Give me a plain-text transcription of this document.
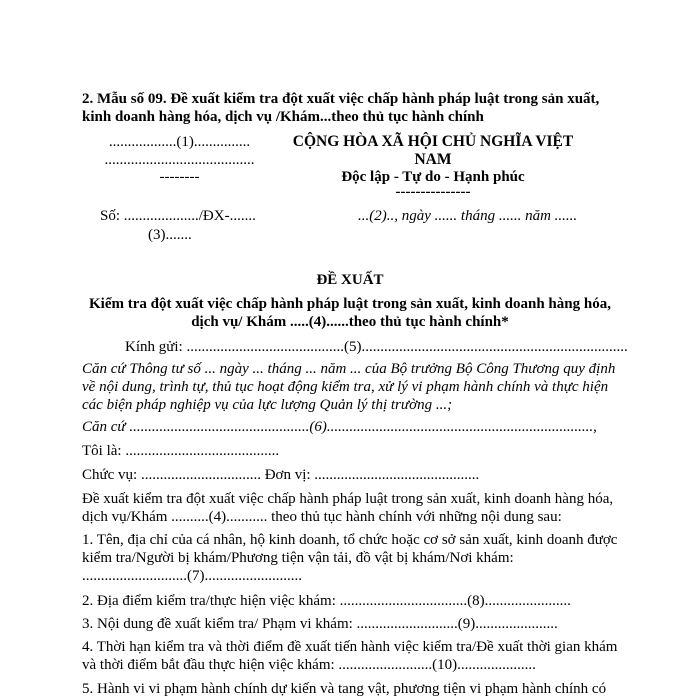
2. Mẫu số 09. Đề xuất kiểm tra đột xuất việc chấp hành pháp luật trong sản xuất,
kinh doanh hàng hóa, dịch vụ /Khám...theo thủ tục hành chính
..................(1)...............
........................................
--------
Số: ..................../ĐX-.......
(3).......
CỘNG HÒA XÃ HỘI CHỦ NGHĨA VIỆT
NAM
Độc lập - Tự do - Hạnh phúc
---------------
...(2).., ngày ...... tháng ...... năm ......
ĐỀ XUẤT
Kiểm tra đột xuất việc chấp hành pháp luật trong sản xuất, kinh doanh hàng hóa,
dịch vụ/ Khám .....(4)......theo thủ tục hành chính*
Kính gửi: ..........................................(5).......................................................................
Căn cứ Thông tư số ... ngày ... tháng ... năm ... của Bộ trưởng Bộ Công Thương quy định về nội dung, trình tự, thủ tục hoạt động kiểm tra, xử lý vi phạm hành chính và thực hiện các biện pháp nghiệp vụ của lực lượng Quản lý thị trường ...;
Căn cứ ................................................(6).......................................................................,
Tôi là: .........................................
Chức vụ: ................................ Đơn vị: ............................................
Đề xuất kiểm tra đột xuất việc chấp hành pháp luật trong sản xuất, kinh doanh hàng hóa, dịch vụ/Khám ..........(4)........... theo thủ tục hành chính với những nội dung sau:
1. Tên, địa chỉ của cá nhân, hộ kinh doanh, tổ chức hoặc cơ sở sản xuất, kinh doanh được kiểm tra/Người bị khám/Phương tiện vận tải, đồ vật bị khám/Nơi khám: ............................(7)..........................
2. Địa điểm kiểm tra/thực hiện việc khám: ..................................(8).......................
3. Nội dung đề xuất kiểm tra/ Phạm vi khám: ...........................(9)......................
4. Thời hạn kiểm tra và thời điểm đề xuất tiến hành việc kiểm tra/Đề xuất thời gian khám và thời điểm bắt đầu thực hiện việc khám: .........................(10).....................
5. Hành vi vi phạm hành chính dự kiến và tang vật, phương tiện vi phạm hành chính có
